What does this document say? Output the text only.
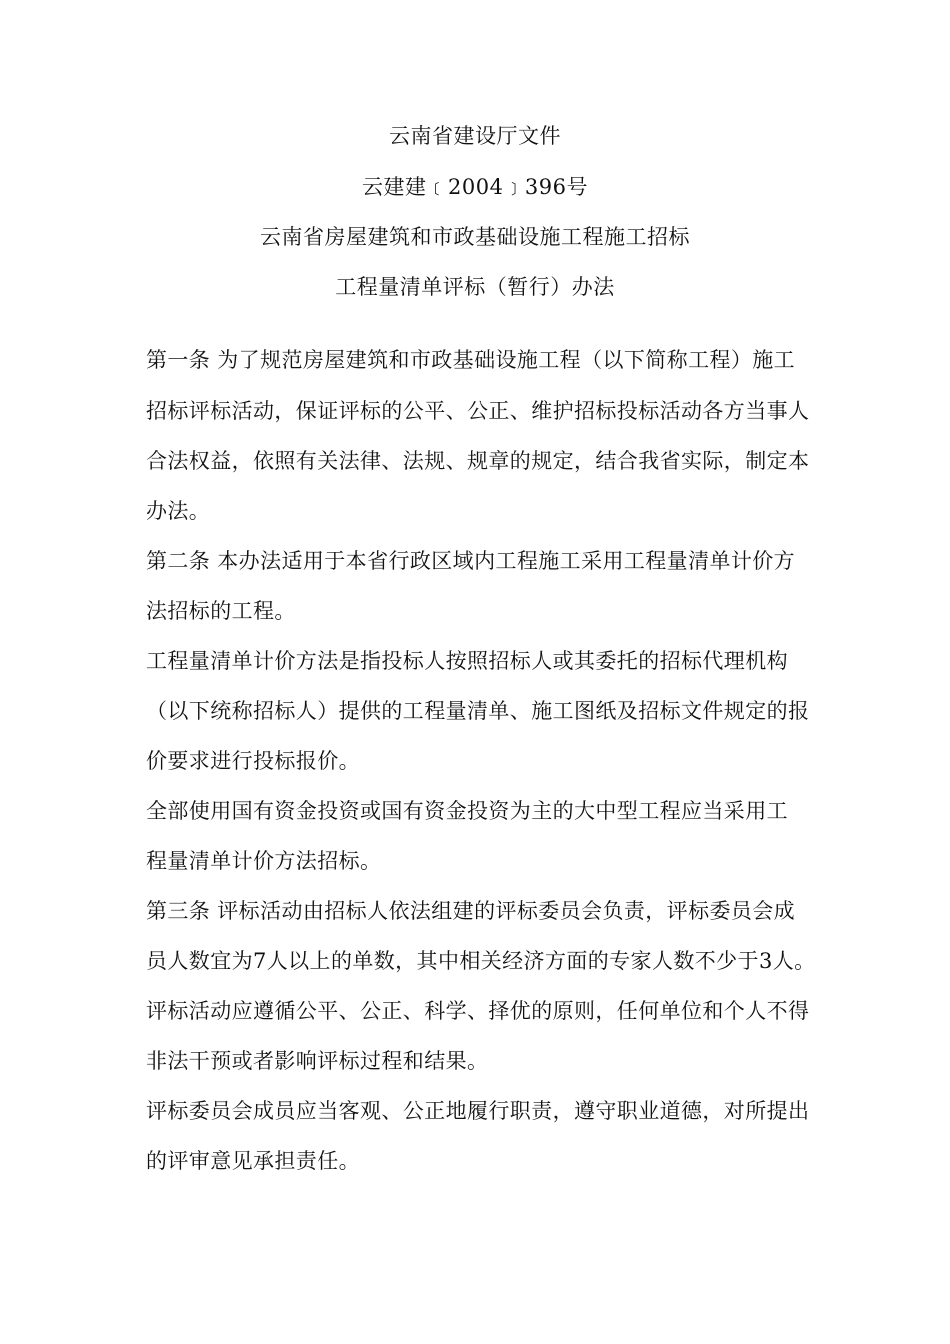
云南省建设厅文件
云建建﹝2004﹞396号
云南省房屋建筑和市政基础设施工程施工招标
工程量清单评标（暂行）办法
第一条 为了规范房屋建筑和市政基础设施工程（以下简称工程）施工
招标评标活动，保证评标的公平、公正、维护招标投标活动各方当事人
合法权益，依照有关法律、法规、规章的规定，结合我省实际，制定本
办法。
第二条 本办法适用于本省行政区域内工程施工采用工程量清单计价方
法招标的工程。
工程量清单计价方法是指投标人按照招标人或其委托的招标代理机构
（以下统称招标人）提供的工程量清单、施工图纸及招标文件规定的报
价要求进行投标报价。
全部使用国有资金投资或国有资金投资为主的大中型工程应当采用工
程量清单计价方法招标。
第三条 评标活动由招标人依法组建的评标委员会负责，评标委员会成
员人数宜为7人以上的单数，其中相关经济方面的专家人数不少于3人。
评标活动应遵循公平、公正、科学、择优的原则，任何单位和个人不得
非法干预或者影响评标过程和结果。
评标委员会成员应当客观、公正地履行职责，遵守职业道德，对所提出
的评审意见承担责任。
